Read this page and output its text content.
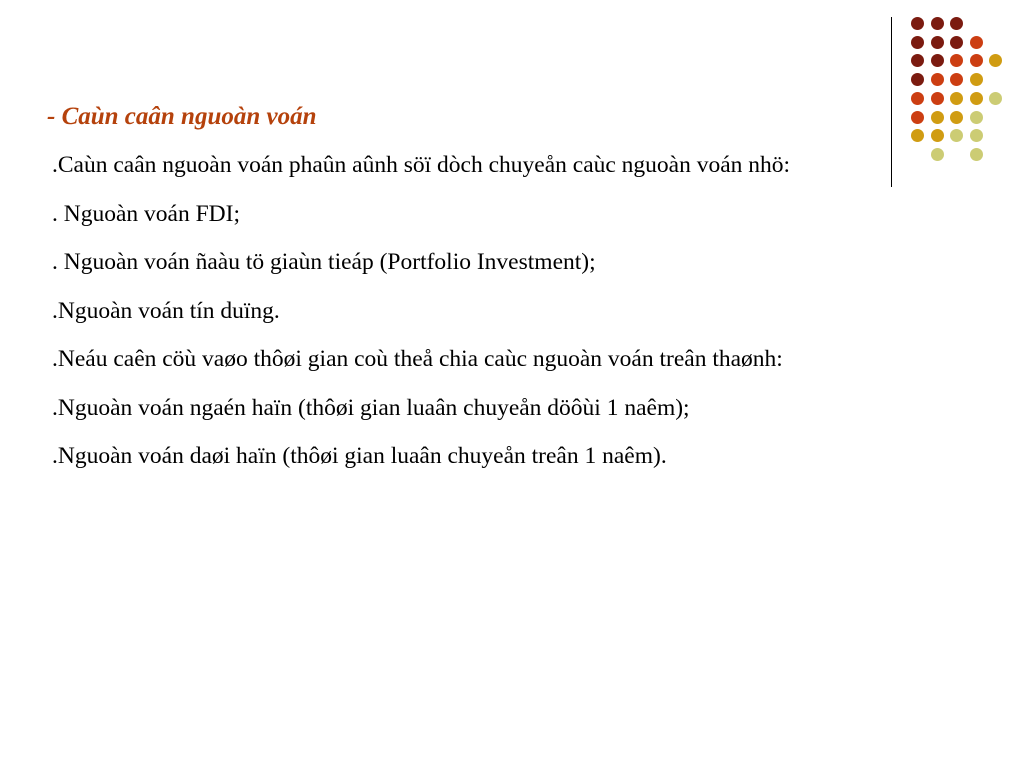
- Caùn caân nguoàn voán
.Caùn caân nguoàn voán phaûn aûnh söï dòch chuyeån caùc nguoàn voán nhö:
. Nguoàn voán FDI;
. Nguoàn voán ñaàu tö giaùn tieáp (Portfolio Investment);
.Nguoàn voán tín duïng.
.Neáu caên cöù vaøo thôøi gian coù theå chia caùc nguoàn voán treân thaønh:
.Nguoàn voán ngaén haïn (thôøi gian luaân chuyeån döôùi 1 naêm);
.Nguoàn voán daøi haïn (thôøi gian luaân chuyeån treân 1 naêm).
